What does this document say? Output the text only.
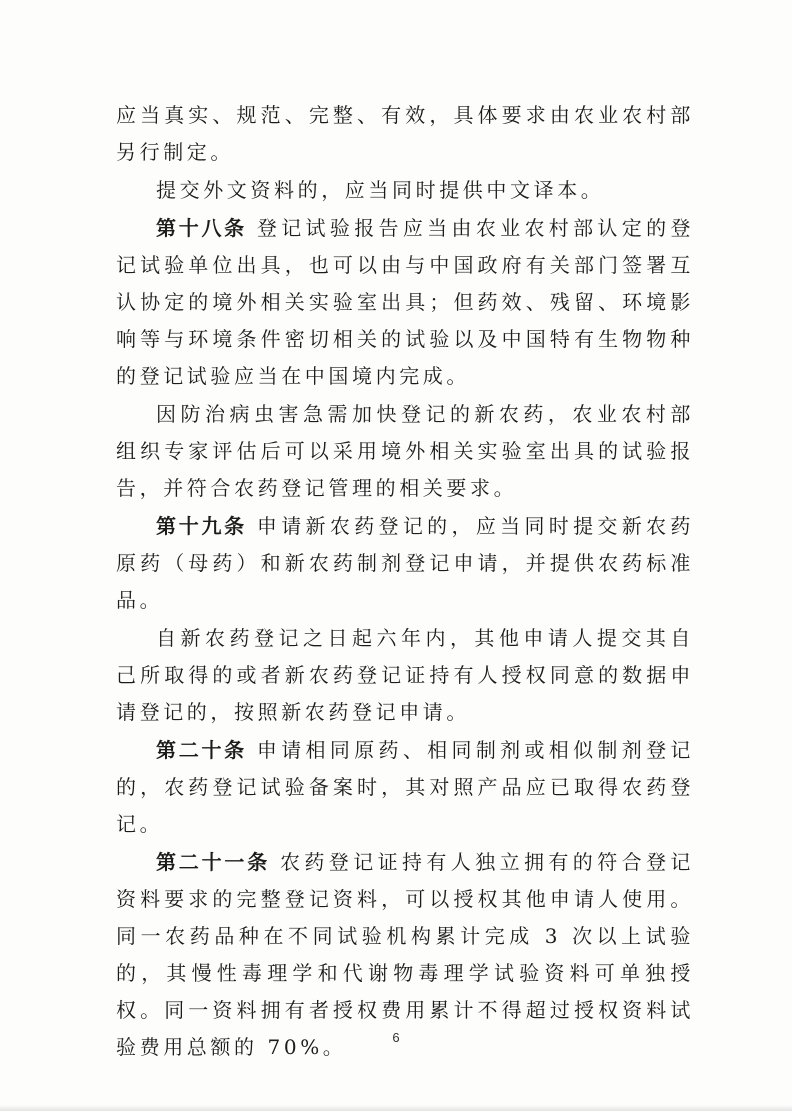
应当真实、规范、完整、有效，具体要求由农业农村部另行制定。

提交外文资料的，应当同时提供中文译本。

第十八条 登记试验报告应当由农业农村部认定的登记试验单位出具，也可以由与中国政府有关部门签署互认协定的境外相关实验室出具；但药效、残留、环境影响等与环境条件密切相关的试验以及中国特有生物物种的登记试验应当在中国境内完成。

因防治病虫害急需加快登记的新农药，农业农村部组织专家评估后可以采用境外相关实验室出具的试验报告，并符合农药登记管理的相关要求。

第十九条 申请新农药登记的，应当同时提交新农药原药（母药）和新农药制剂登记申请，并提供农药标准品。

自新农药登记之日起六年内，其他申请人提交其自己所取得的或者新农药登记证持有人授权同意的数据申请登记的，按照新农药登记申请。

第二十条 申请相同原药、相同制剂或相似制剂登记的，农药登记试验备案时，其对照产品应已取得农药登记。

第二十一条 农药登记证持有人独立拥有的符合登记资料要求的完整登记资料，可以授权其他申请人使用。同一农药品种在不同试验机构累计完成 3 次以上试验的，其慢性毒理学和代谢物毒理学试验资料可单独授权。同一资料拥有者授权费用累计不得超过授权资料试验费用总额的 70%。	6
